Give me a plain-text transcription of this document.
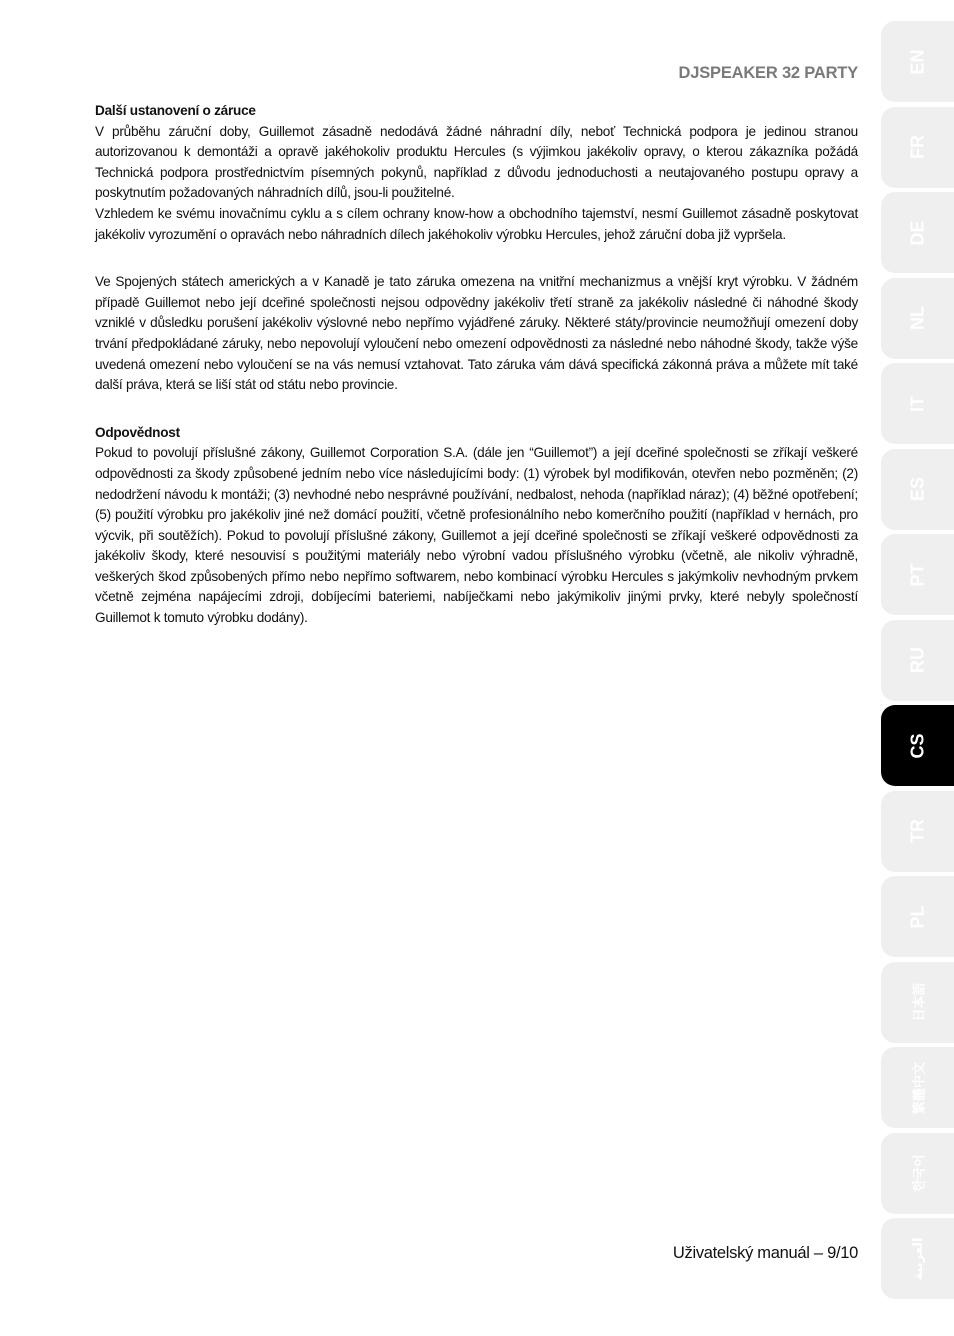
DJSPEAKER 32 PARTY
Další ustanovení o záruce

V průběhu záruční doby, Guillemot zásadně nedodává žádné náhradní díly, neboť Technická podpora je jedinou stranou autorizovanou k demontáži a opravě jakéhokoliv produktu Hercules (s výjimkou jakékoliv opravy, o kterou zákazníka požádá Technická podpora prostřednictvím písemných pokynů, například z důvodu jednoduchosti a neutajovaného postupu opravy a poskytnutím požadovaných náhradních dílů, jsou-li použitelné.

Vzhledem ke svému inovačnímu cyklu a s cílem ochrany know-how a obchodního tajemství, nesmí Guillemot zásadně poskytovat jakékoliv vyrozumění o opravách nebo náhradních dílech jakéhokoliv výrobku Hercules, jehož záruční doba již vypršela.

Ve Spojených státech amerických a v Kanadě je tato záruka omezena na vnitřní mechanizmus a vnější kryt výrobku. V žádném případě Guillemot nebo její dceřiné společnosti nejsou odpovědny jakékoliv třetí straně za jakékoliv následné či náhodné škody vzniklé v důsledku porušení jakékoliv výslovné nebo nepřímo vyjádřené záruky. Některé státy/provincie neumožňují omezení doby trvání předpokládané záruky, nebo nepovolují vyloučení nebo omezení odpovědnosti za následné nebo náhodné škody, takže výše uvedená omezení nebo vyloučení se na vás nemusí vztahovat. Tato záruka vám dává specifická zákonná práva a můžete mít také další práva, která se liší stát od státu nebo provincie.

Odpovědnost

Pokud to povolují příslušné zákony, Guillemot Corporation S.A. (dále jen “Guillemot”) a její dceřiné společnosti se zříkají veškeré odpovědnosti za škody způsobené jedním nebo více následujícími body: (1) výrobek byl modifikován, otevřen nebo pozměněn; (2) nedodržení návodu k montáži; (3) nevhodné nebo nesprávné používání, nedbalost, nehoda (například náraz); (4) běžné opotřebení; (5) použití výrobku pro jakékoliv jiné než domácí použití, včetně profesionálního nebo komerčního použití (například v hernách, pro výcvik, při soutěžích). Pokud to povolují příslušné zákony, Guillemot a její dceřiné společnosti se zříkají veškeré odpovědnosti za jakékoliv škody, které nesouvisí s použitými materiály nebo výrobní vadou příslušného výrobku (včetně, ale nikoliv výhradně, veškerých škod způsobených přímo nebo nepřímo softwarem, nebo kombinací výrobku Hercules s jakýmkoliv nevhodným prvkem včetně zejména napájecími zdroji, dobíjecími bateriemi, nabíječkami nebo jakýmikoliv jinými prvky, které nebyly společností Guillemot k tomuto výrobku dodány).

Uživatelský manuál – 9/10
EN
FR
DE
NL
IT
ES
PT
RU
CS
TR
PL
日本語
繁體中文
한국어
العربية
